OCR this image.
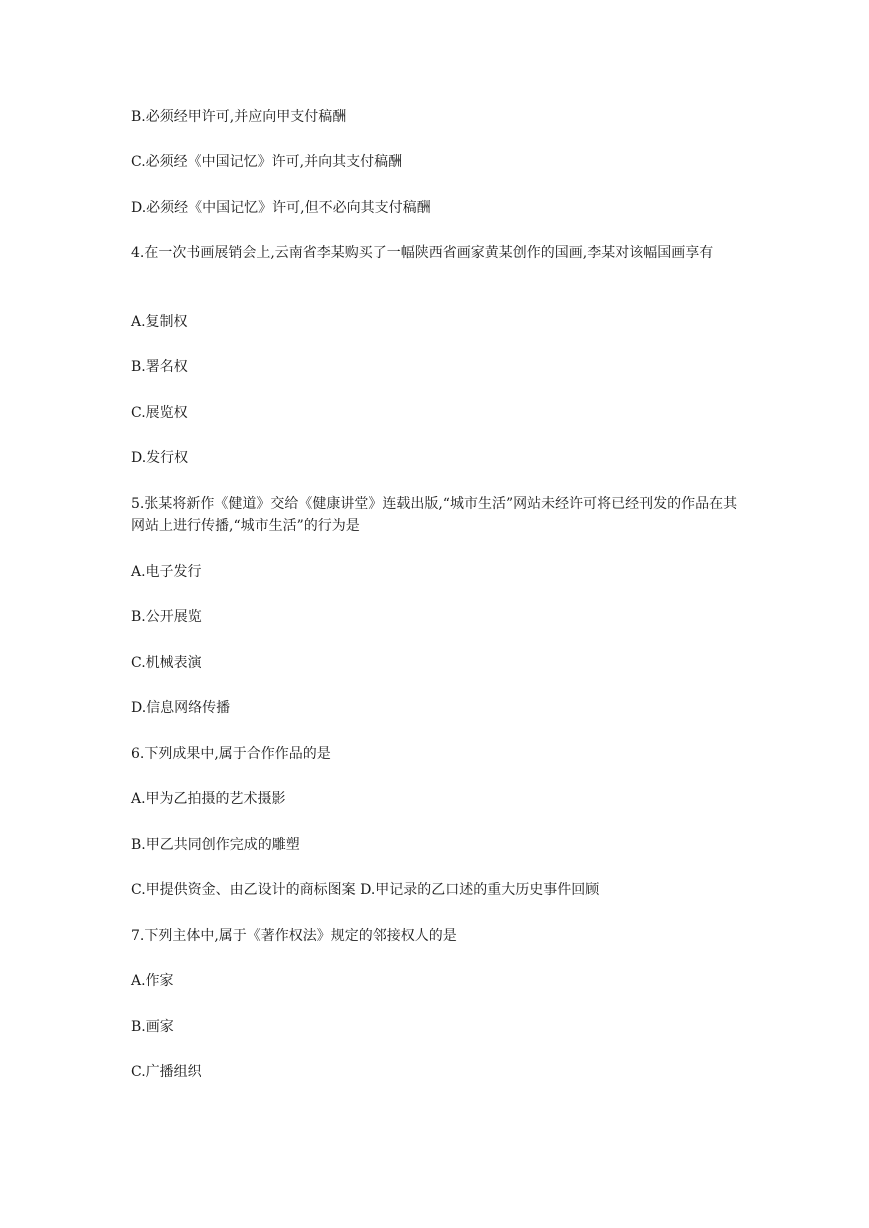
B.必须经甲许可,并应向甲支付稿酬
C.必须经《中国记忆》许可,并向其支付稿酬
D.必须经《中国记忆》许可,但不必向其支付稿酬
4.在一次书画展销会上,云南省李某购买了一幅陕西省画家黄某创作的国画,李某对该幅国画享有
A.复制权
B.署名权
C.展览权
D.发行权
5.张某将新作《健道》交给《健康讲堂》连载出版,“城市生活”网站未经许可将已经刊发的作品在其网站上进行传播,“城市生活”的行为是
A.电子发行
B.公开展览
C.机械表演
D.信息网络传播
6.下列成果中,属于合作作品的是
A.甲为乙拍摄的艺术摄影
B.甲乙共同创作完成的雕塑
C.甲提供资金、由乙设计的商标图案 D.甲记录的乙口述的重大历史事件回顾
7.下列主体中,属于《著作权法》规定的邻接权人的是
A.作家
B.画家
C.广播组织
